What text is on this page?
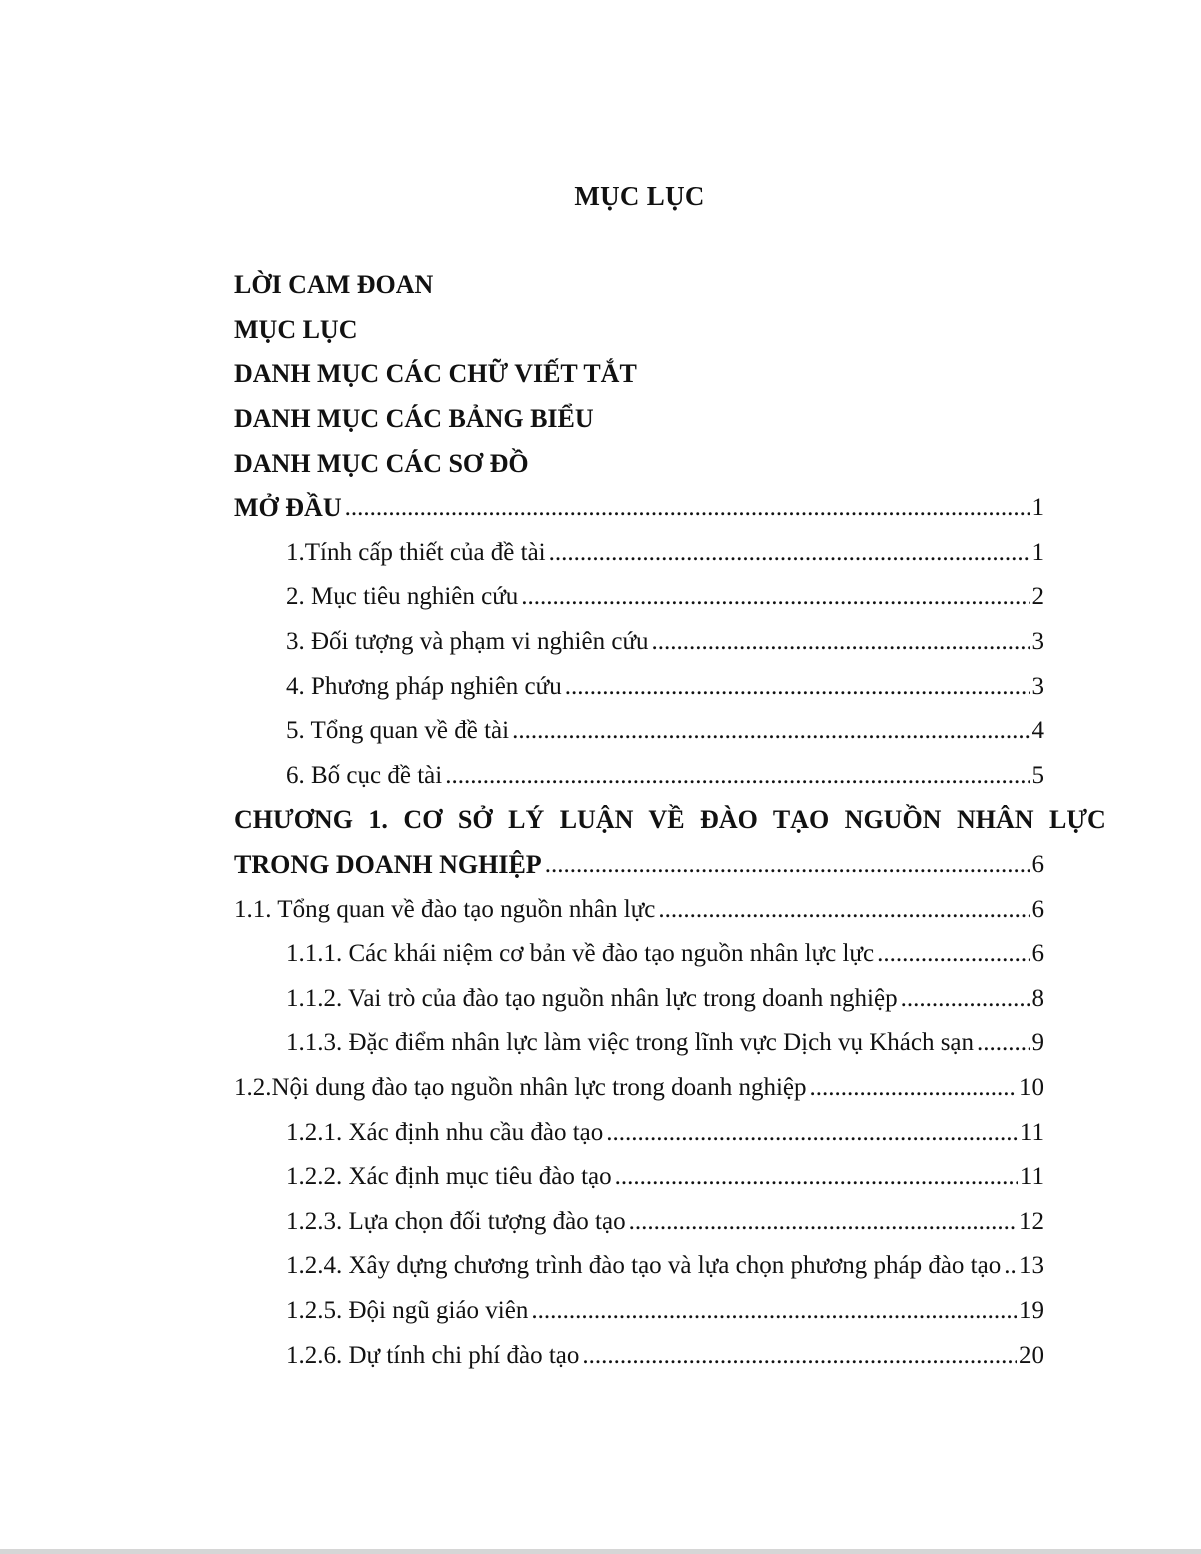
MỤC LỤC
LỜI CAM ĐOAN
MỤC LỤC
DANH MỤC CÁC CHỮ VIẾT TẮT
DANH MỤC CÁC BẢNG BIỂU
DANH MỤC CÁC SƠ ĐỒ
MỞ ĐẦU .....	1
1.Tính cấp thiết của đề tài .....	1
2. Mục tiêu nghiên cứu .....	2
3. Đối tượng và phạm vi nghiên cứu .....	3
4. Phương pháp nghiên cứu .....	3
5. Tổng quan về đề tài .....	4
6. Bố cục đề tài .....	5
CHƯƠNG 1. CƠ SỞ LÝ LUẬN VỀ ĐÀO TẠO NGUỒN NHÂN LỰC
TRONG DOANH NGHIỆP .....	6
1.1. Tổng quan về đào tạo nguồn nhân lực .....	6
1.1.1. Các khái niệm cơ bản về đào tạo nguồn nhân lực lực .....	6
1.1.2. Vai trò của đào tạo nguồn nhân lực trong doanh nghiệp .....	8
1.1.3. Đặc điểm nhân lực làm việc trong lĩnh vực Dịch vụ Khách sạn ..... 9
1.2.Nội dung đào tạo nguồn nhân lực trong doanh nghiệp .....	10
1.2.1. Xác định nhu cầu đào tạo .....	11
1.2.2. Xác định mục tiêu đào tạo .....	11
1.2.3. Lựa chọn đối tượng đào tạo .....	12
1.2.4. Xây dựng chương trình đào tạo và lựa chọn phương pháp đào tạo ..... 13
1.2.5. Đội ngũ giáo viên .....	19
1.2.6. Dự tính chi phí đào tạo .....	20
